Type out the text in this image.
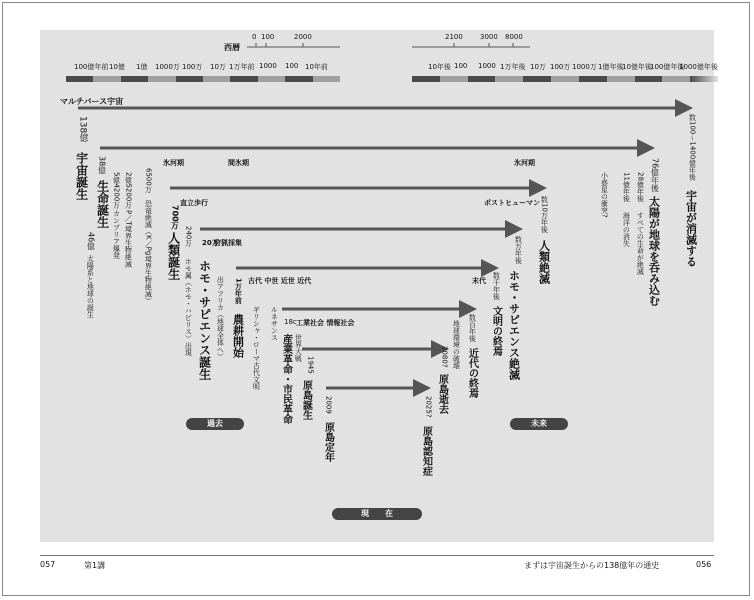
西暦
0 100	2000	2100 3000 8000
100億年前 10億 1億 1000万 100万 10万 1万年前 1000 100 10年前	10年後 100 1000 1万年後 10万 100万 1000万 1億年後
10億年後
100億年後
1000億年後
マルチバース宇宙
138億
宇宙誕生
46億
太陽系と地球の誕生
38億
生命誕生 5億4200万
カンブリア爆発
2億5200万
P／T境界生物絶滅
6500万
恐竜絶滅（K／Pg境界生物絶滅）
氷河期	間氷期	氷河期
直立歩行	ポストヒューマン
700万
人類誕生 240万
ホモ属（ホモ・ハビリス）出現
20万
狩猟採集
ホモ・サピエンス誕生 出アフリカ（地球全体へ）
数10万年後
人類絶滅
1万年前
農耕開始
古代 中世 近世 近代	末代
ギリシャ・ローマ古代文明
数万年後
ホモ・サピエンス絶滅
数千年後
文明の終焉
ルネサンス 18c 工業社会 情報社会
産業革命・市民革命 世界大戦
1945
原島誕生 2009
原島定年
数百年後
近代の終焉
地球環境の破壊
2080?
原島逝去
2025?
原島認知症
小惑星の衝突? 11億年後
海洋の消失
28億年後
すべての生命が絶滅
76億年後
太陽が地球を呑み込む
数100〜1400億年後
宇宙が消滅する
過去	未来
現　　在
057	第1講	まずは宇宙誕生からの138億年の通史	056
